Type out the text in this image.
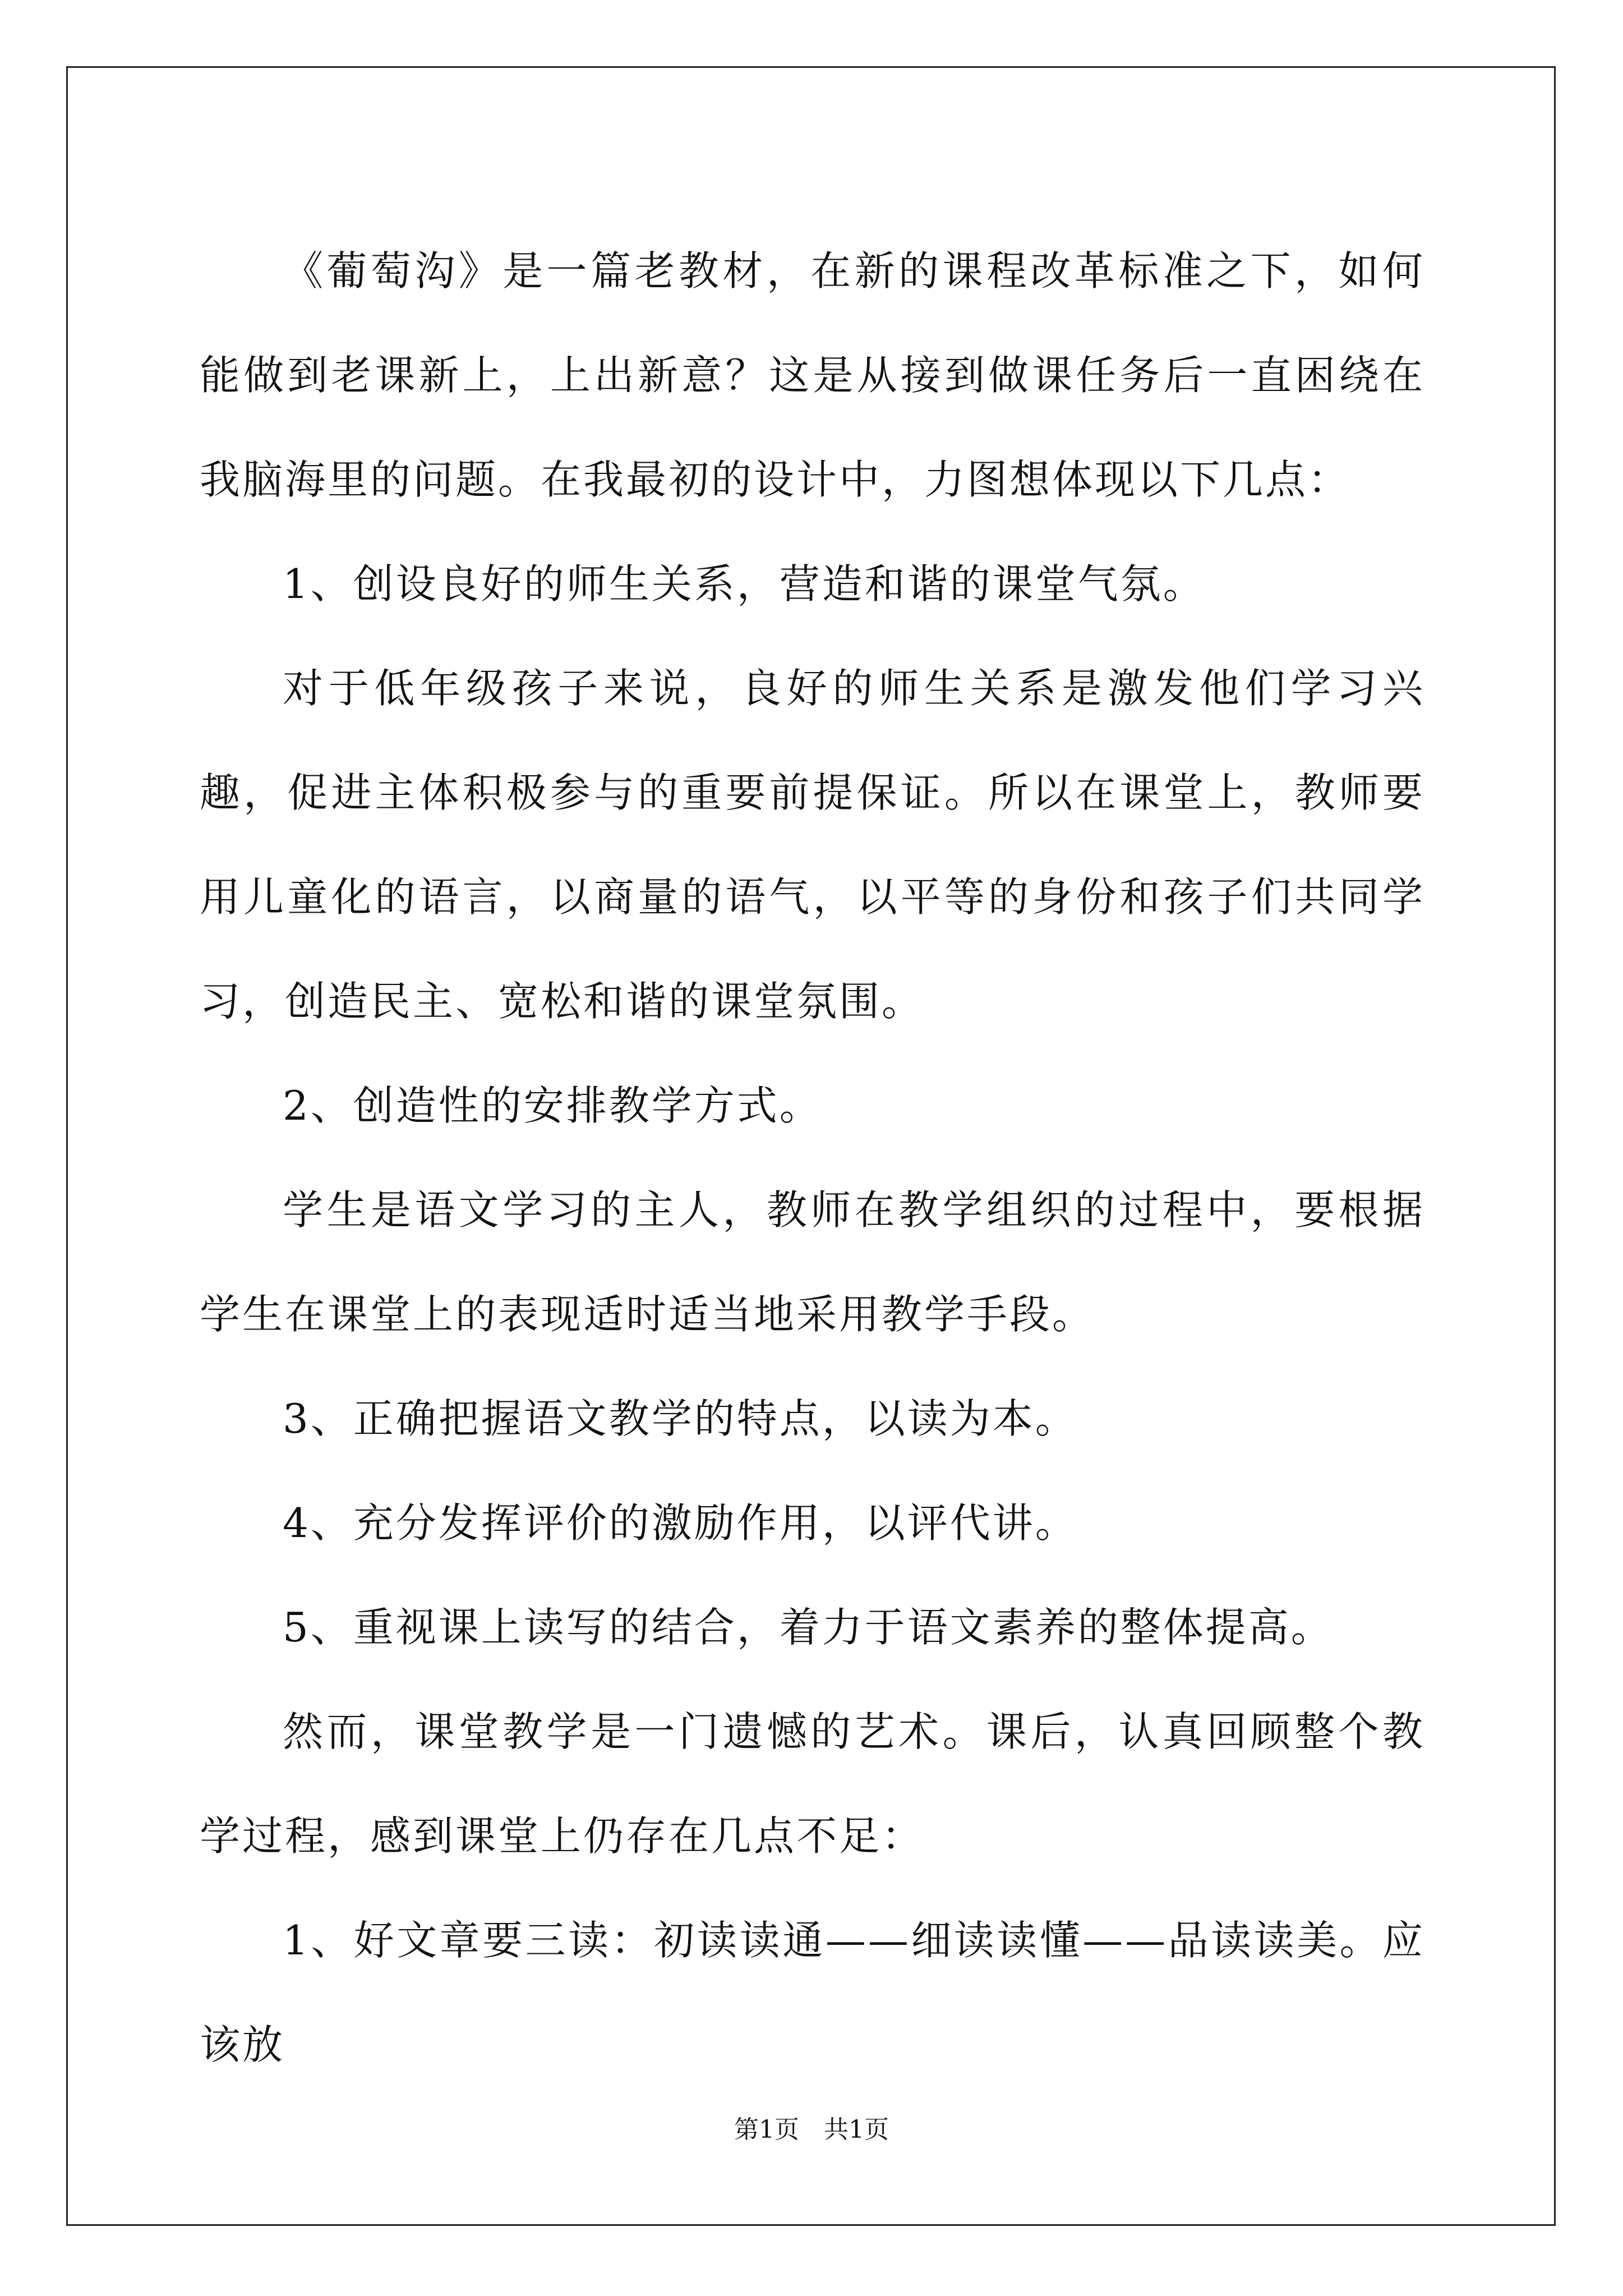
《葡萄沟》是一篇老教材，在新的课程改革标准之下，如何能做到老课新上，上出新意？这是从接到做课任务后一直困绕在我脑海里的问题。在我最初的设计中，力图想体现以下几点：

1、创设良好的师生关系，营造和谐的课堂气氛。

对于低年级孩子来说，良好的师生关系是激发他们学习兴趣，促进主体积极参与的重要前提保证。所以在课堂上，教师要用儿童化的语言，以商量的语气，以平等的身份和孩子们共同学习，创造民主、宽松和谐的课堂氛围。

2、创造性的安排教学方式。

学生是语文学习的主人，教师在教学组织的过程中，要根据学生在课堂上的表现适时适当地采用教学手段。

3、正确把握语文教学的特点，以读为本。

4、充分发挥评价的激励作用，以评代讲。

5、重视课上读写的结合，着力于语文素养的整体提高。

然而，课堂教学是一门遗憾的艺术。课后，认真回顾整个教学过程，感到课堂上仍存在几点不足：

1、好文章要三读：初读读通——细读读懂——品读读美。应该放

第1页　共1页
